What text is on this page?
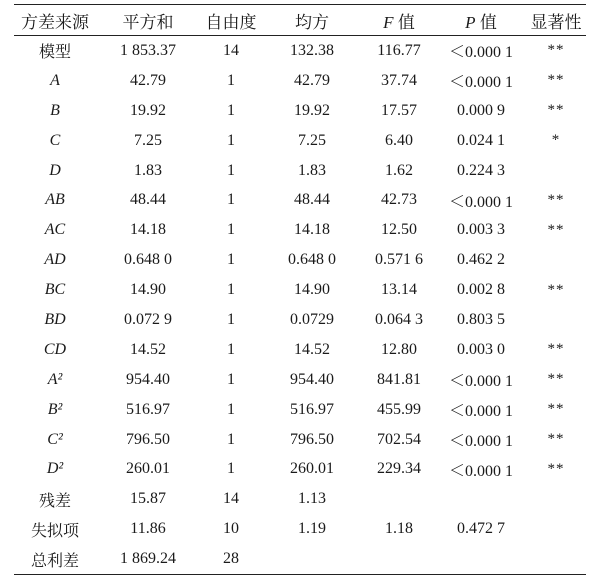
方差来源	平方和	自由度	均方	F 值	P 值	显著性
模型	1 853.37	14	132.38	116.77	＜0.000 1	**
A	42.79	1	42.79	37.74	＜0.000 1	**
B	19.92	1	19.92	17.57	0.000 9	**
C	7.25	1	7.25	6.40	0.024 1	*
D	1.83	1	1.83	1.62	0.224 3	
AB	48.44	1	48.44	42.73	＜0.000 1	**
AC	14.18	1	14.18	12.50	0.003 3	**
AD	0.648 0	1	0.648 0	0.571 6	0.462 2	
BC	14.90	1	14.90	13.14	0.002 8	**
BD	0.072 9	1	0.0729	0.064 3	0.803 5	
CD	14.52	1	14.52	12.80	0.003 0	**
A²	954.40	1	954.40	841.81	＜0.000 1	**
B²	516.97	1	516.97	455.99	＜0.000 1	**
C²	796.50	1	796.50	702.54	＜0.000 1	**
D²	260.01	1	260.01	229.34	＜0.000 1	**
残差	15.87	14	1.13			
失拟项	11.86	10	1.19	1.18	0.472 7	
总利差	1 869.24	28				
